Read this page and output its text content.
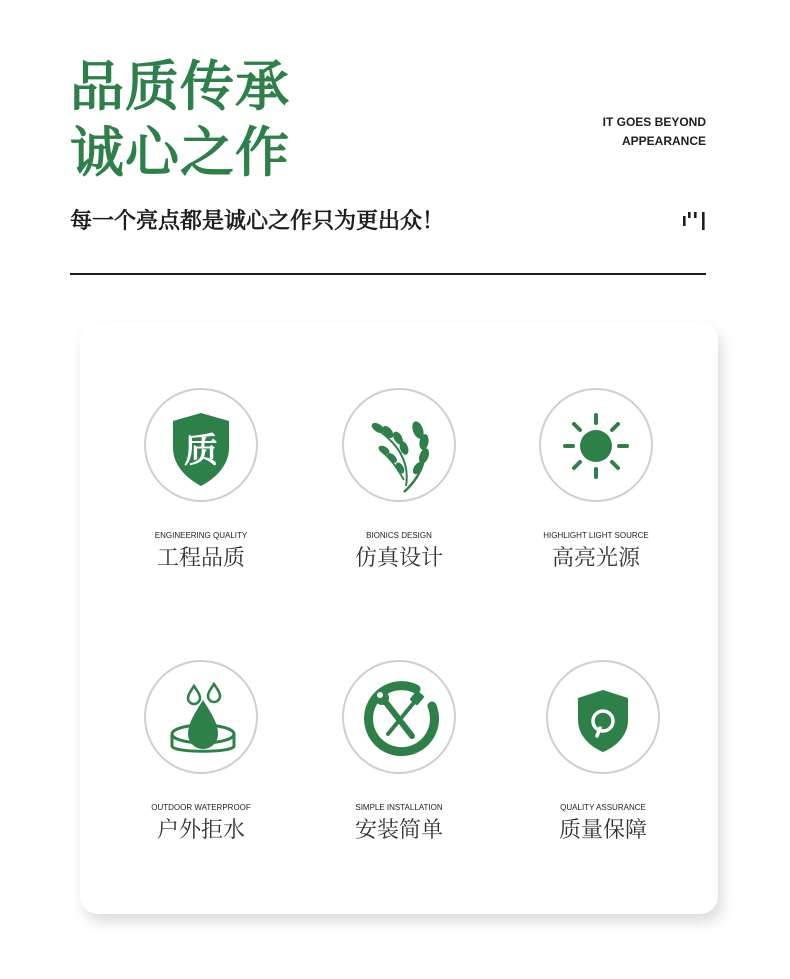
品质传承
诚心之作	IT GOES BEYOND
APPEARANCE
每一个亮点都是诚心之作只为更出众！
质
ENGINEERING QUALITY
工程品质
BIONICS DESIGN
仿真设计
HIGHLIGHT LIGHT SOURCE
高亮光源
OUTDOOR WATERPROOF
户外拒水
SIMPLE INSTALLATION
安装简单
QUALITY ASSURANCE
质量保障
